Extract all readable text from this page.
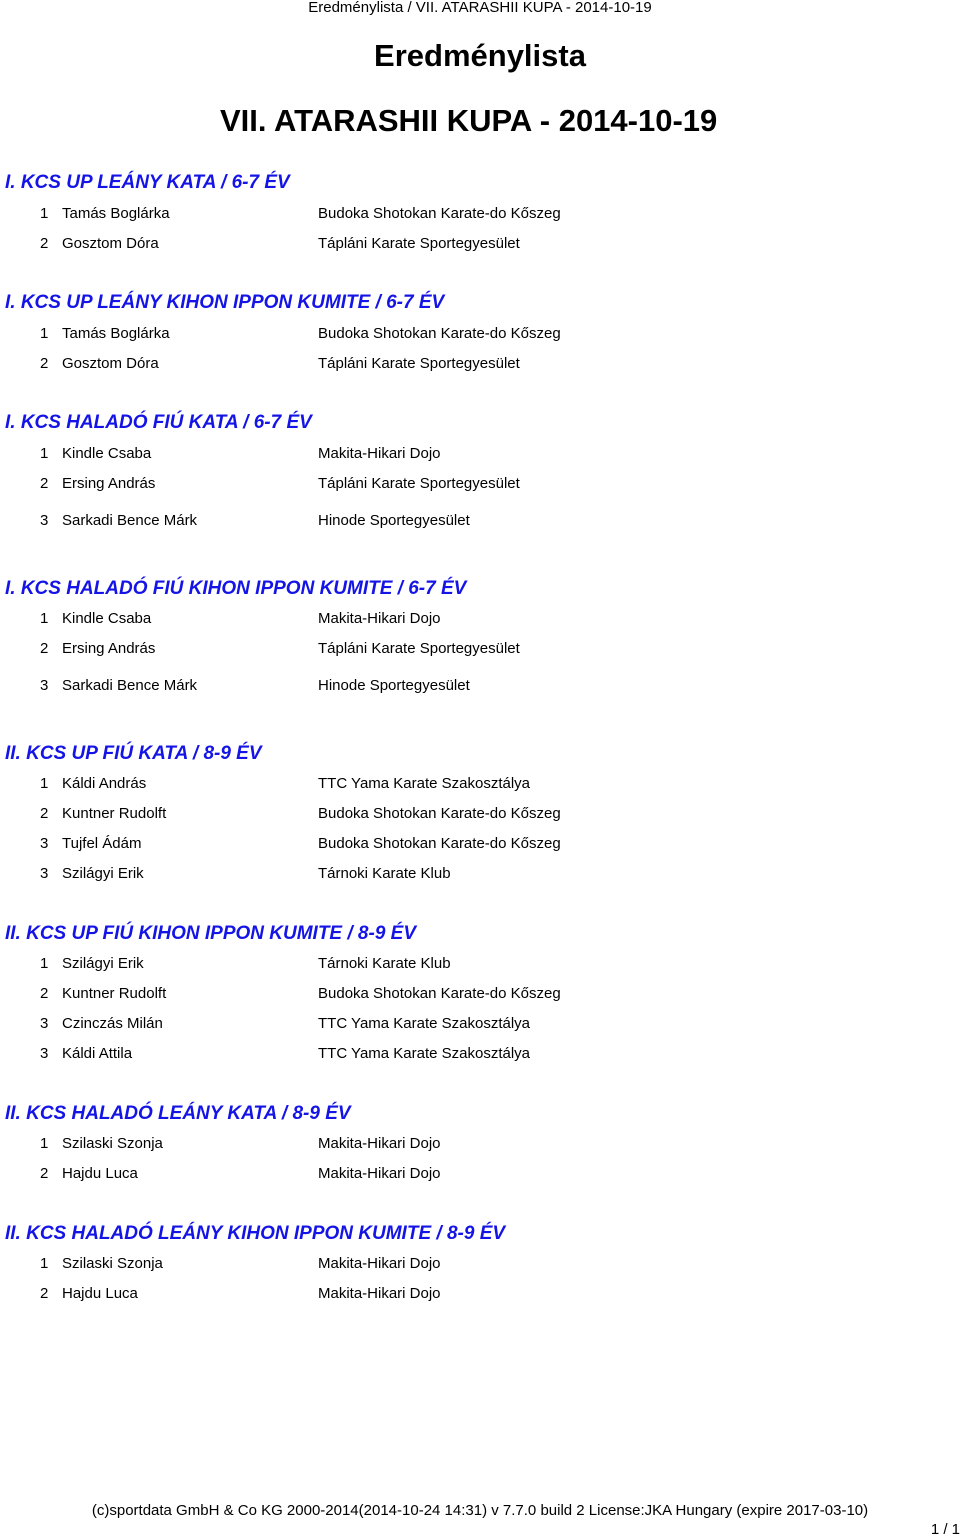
Eredménylista / VII. ATARASHII KUPA - 2014-10-19
Eredménylista
VII. ATARASHII KUPA - 2014-10-19
I. KCS UP LEÁNY KATA / 6-7 ÉV
1 Tamás Boglárka	Budoka Shotokan Karate-do Kőszeg
2 Gosztom Dóra	Tápláni Karate Sportegyesület
I. KCS UP LEÁNY KIHON IPPON KUMITE / 6-7 ÉV
1 Tamás Boglárka	Budoka Shotokan Karate-do Kőszeg
2 Gosztom Dóra	Tápláni Karate Sportegyesület
I. KCS HALADÓ FIÚ KATA / 6-7 ÉV
1 Kindle Csaba	Makita-Hikari Dojo
2 Ersing András	Tápláni Karate Sportegyesület
3 Sarkadi Bence Márk	Hinode Sportegyesület
I. KCS HALADÓ FIÚ KIHON IPPON KUMITE / 6-7 ÉV
1 Kindle Csaba	Makita-Hikari Dojo
2 Ersing András	Tápláni Karate Sportegyesület
3 Sarkadi Bence Márk	Hinode Sportegyesület
II. KCS UP FIÚ KATA / 8-9 ÉV
1 Káldi András	TTC Yama Karate Szakosztálya
2 Kuntner Rudolft	Budoka Shotokan Karate-do Kőszeg
3 Tujfel Ádám	Budoka Shotokan Karate-do Kőszeg
3 Szilágyi Erik	Tárnoki Karate Klub
II. KCS UP FIÚ KIHON IPPON KUMITE / 8-9 ÉV
1 Szilágyi Erik	Tárnoki Karate Klub
2 Kuntner Rudolft	Budoka Shotokan Karate-do Kőszeg
3 Czinczás Milán	TTC Yama Karate Szakosztálya
3 Káldi Attila	TTC Yama Karate Szakosztálya
II. KCS HALADÓ LEÁNY KATA / 8-9 ÉV
1 Szilaski Szonja	Makita-Hikari Dojo
2 Hajdu Luca	Makita-Hikari Dojo
II. KCS HALADÓ LEÁNY KIHON IPPON KUMITE / 8-9 ÉV
1 Szilaski Szonja	Makita-Hikari Dojo
2 Hajdu Luca	Makita-Hikari Dojo
(c)sportdata GmbH & Co KG 2000-2014(2014-10-24 14:31) v 7.7.0 build 2 License:JKA Hungary (expire 2017-03-10)
1 / 1
